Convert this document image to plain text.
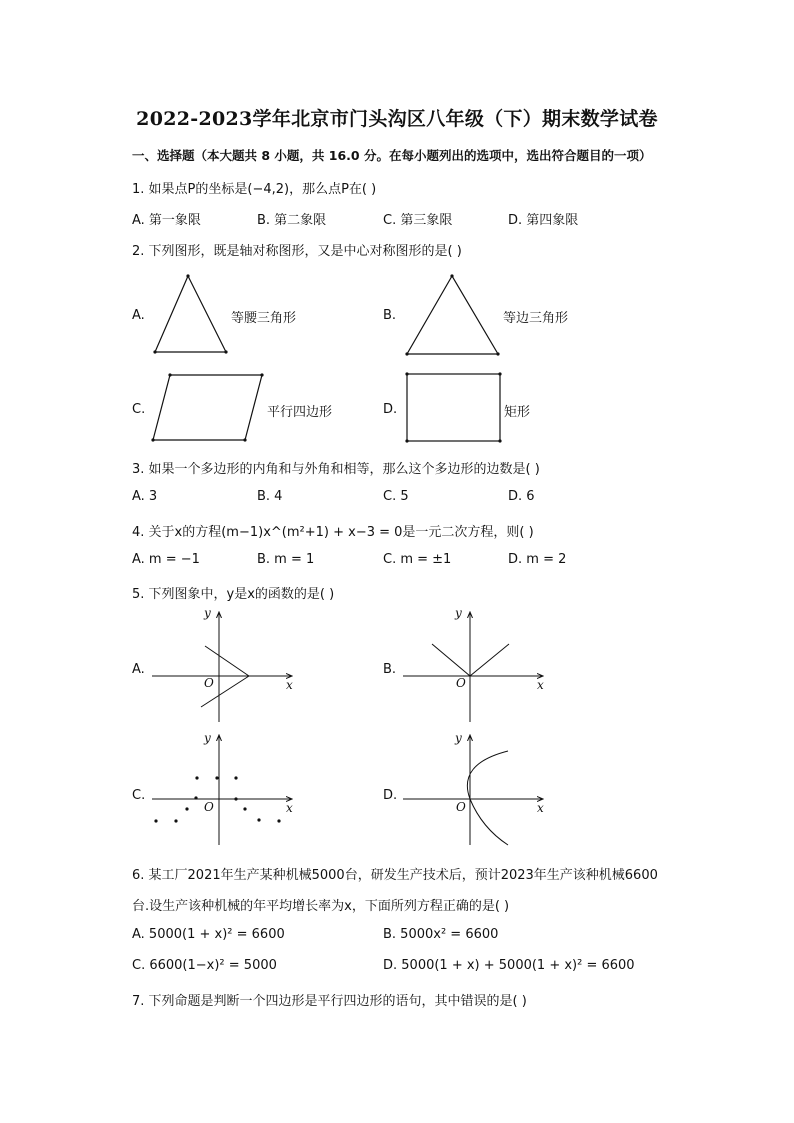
2022-2023学年北京市门头沟区八年级（下）期末数学试卷
一、选择题（本大题共 8 小题，共 16.0 分。在每小题列出的选项中，选出符合题目的一项）
1. 如果点P的坐标是(−4,2)，那么点P在( )
A. 第一象限	B. 第二象限	C. 第三象限	D. 第四象限
2. 下列图形，既是轴对称图形，又是中心对称图形的是( )
A.	B.
C.	D.
等腰三角形	等边三角形
平行四边形	矩形
3. 如果一个多边形的内角和与外角和相等，那么这个多边形的边数是( )
A. 3	B. 4	C. 5	D. 6
4. 关于x的方程(m−1)x^(m²+1) + x−3 = 0是一元二次方程，则( )
A. m = −1	B. m = 1	C. m = ±1	D. m = 2
5. 下列图象中，y是x的函数的是( )
A.	B.
C.	D.
y
x
O
y
x
O
y
x
O
y
x
O
6. 某工厂2021年生产某种机械5000台，研发生产技术后，预计2023年生产该种机械6600
台.设生产该种机械的年平均增长率为x，下面所列方程正确的是( )
A. 5000(1 + x)² = 6600	B. 5000x² = 6600
C. 6600(1−x)² = 5000	D. 5000(1 + x) + 5000(1 + x)² = 6600
7. 下列命题是判断一个四边形是平行四边形的语句，其中错误的是( )
